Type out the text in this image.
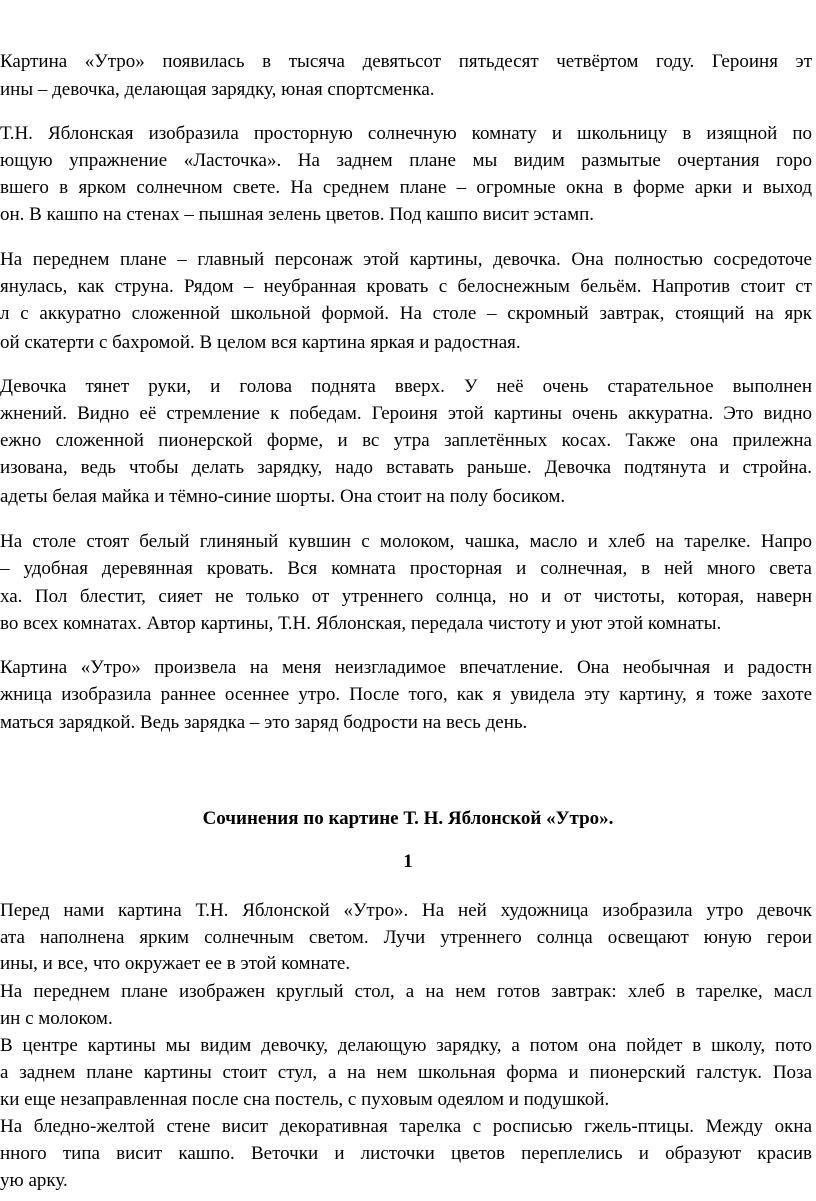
Картина «Утро» появилась в тысяча девятьсот пятьдесят четвёртом году. Героиня эт
ины – девочка, делающая зарядку, юная спортсменка.
Т.Н. Яблонская изобразила просторную солнечную комнату и школьницу в изящной по
ющую упражнение «Ласточка». На заднем плане мы видим размытые очертания горо
вшего в ярком солнечном свете. На среднем плане – огромные окна в форме арки и выход
он. В кашпо на стенах – пышная зелень цветов. Под кашпо висит эстамп.
На переднем плане – главный персонаж этой картины, девочка. Она полностью сосредоточе
янулась, как струна. Рядом – неубранная кровать с белоснежным бельём. Напротив стоит ст
л с аккуратно сложенной школьной формой. На столе – скромный завтрак, стоящий на ярк
ой скатерти с бахромой. В целом вся картина яркая и радостная.
Девочка тянет руки, и голова поднята вверх. У неё очень старательное выполнен
жнений. Видно её стремление к победам. Героиня этой картины очень аккуратна. Это видно
ежно сложенной пионерской форме, и вс утра заплетённых косах. Также она прилежна
изована, ведь чтобы делать зарядку, надо вставать раньше. Девочка подтянута и стройна.
адеты белая майка и тёмно-синие шорты. Она стоит на полу босиком.
На столе стоят белый глиняный кувшин с молоком, чашка, масло и хлеб на тарелке. Напро
– удобная деревянная кровать. Вся комната просторная и солнечная, в ней много света
ха. Пол блестит, сияет не только от утреннего солнца, но и от чистоты, которая, наверн
во всех комнатах. Автор картины, Т.Н. Яблонская, передала чистоту и уют этой комнаты.
Картина «Утро» произвела на меня неизгладимое впечатление. Она необычная и радостн
жница изобразила раннее осеннее утро. После того, как я увидела эту картину, я тоже захоте
маться зарядкой. Ведь зарядка – это заряд бодрости на весь день.
Сочинения по картине Т. Н. Яблонской «Утро».
1
Перед нами картина Т.Н. Яблонской «Утро». На ней художница изобразила утро девочк
ата наполнена ярким солнечным светом. Лучи утреннего солнца освещают юную герои
ины, и все, что окружает ее в этой комнате.
На переднем плане изображен круглый стол, а на нем готов завтрак: хлеб в тарелке, масл
ин с молоком.
В центре картины мы видим девочку, делающую зарядку, а потом она пойдет в школу, пото
а заднем плане картины стоит стул, а на нем школьная форма и пионерский галстук. Поза
ки еще незаправленная после сна постель, с пуховым одеялом и подушкой.
На бледно-желтой стене висит декоративная тарелка с росписью гжель-птицы. Между окна
нного типа висит кашпо. Веточки и листочки цветов переплелись и образуют красив
ую арку.
